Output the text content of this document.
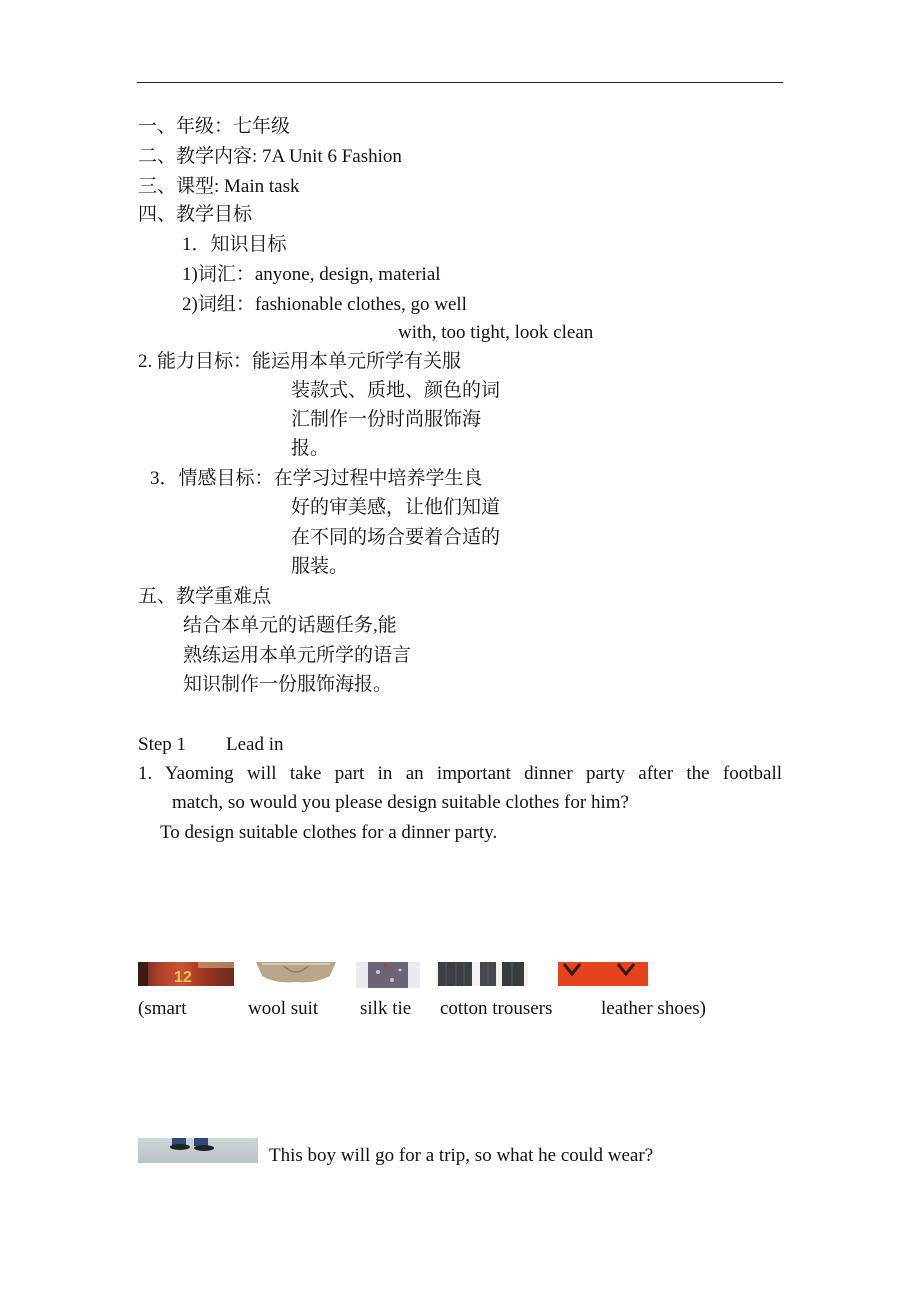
一、年级：七年级
二、教学内容: 7A Unit 6 Fashion
三、课型: Main task
四、教学目标
1．知识目标
1)词汇：anyone, design, material
2)词组：fashionable clothes, go well
with, too tight, look clean
2. 能力目标：能运用本单元所学有关服
装款式、质地、颜色的词
汇制作一份时尚服饰海
报。
3．情感目标：在学习过程中培养学生良
好的审美感，让他们知道
在不同的场合要着合适的
服装。
五、教学重难点
结合本单元的话题任务,能
熟练运用本单元所学的语言
知识制作一份服饰海报。
Step 1 Lead in
1. Yaoming will take part in an important dinner party after the football
match, so would you please design suitable clothes for him?
To design suitable clothes for a dinner party.
12
(smart	wool suit silk tie cotton trousers	leather shoes)
This boy will go for a trip, so what he could wear?
